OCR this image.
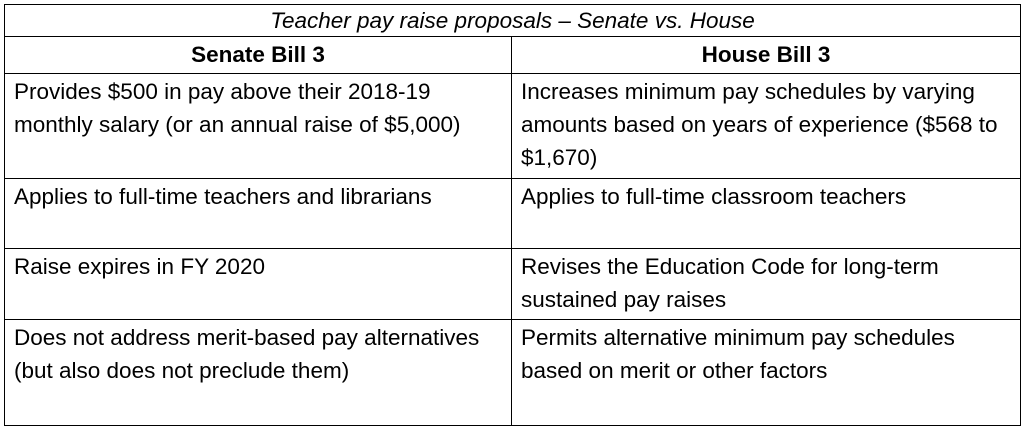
Teacher pay raise proposals – Senate vs. House	
Senate Bill 3	House Bill 3
Provides $500 in pay above their 2018-19 monthly salary (or an annual raise of $5,000)	Increases minimum pay schedules by varying amounts based on years of experience ($568 to $1,670)
Applies to full-time teachers and librarians	Applies to full-time classroom teachers
Raise expires in FY 2020	Revises the Education Code for long-term sustained pay raises
Does not address merit-based pay alternatives (but also does not preclude them)	Permits alternative minimum pay schedules based on merit or other factors
